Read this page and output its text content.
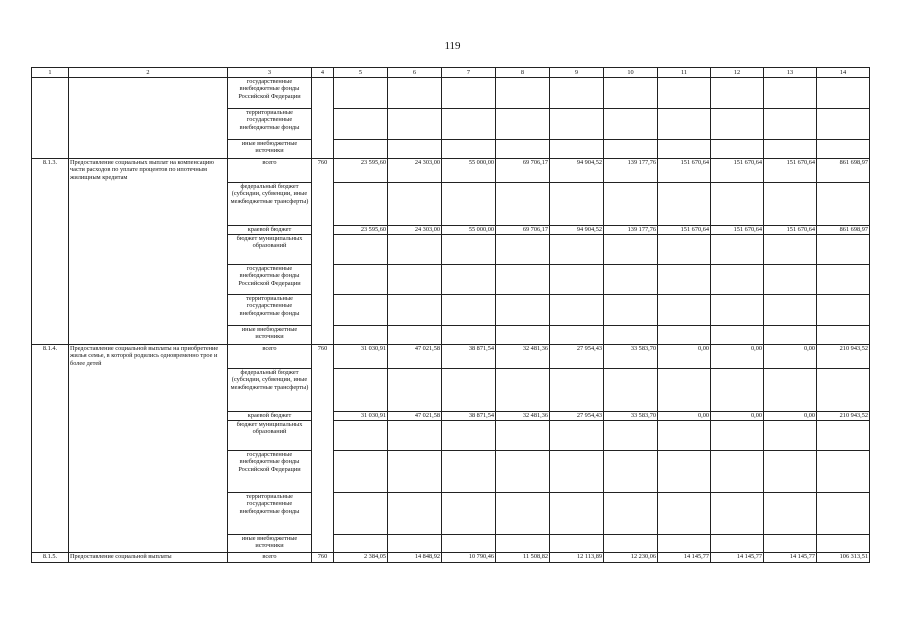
119
1	2	3	4	5	6	7	8	9	10	11	12	13	14
		государственные внебюджетные фонды Российской Федерации											
		территориальные государственные внебюджетные фонды											
		иные внебюджетные источники											
8.1.3.	Предоставление социальных выплат на компенсацию части расходов по уплате процентов по ипотечным жилищным кредитам	всего	760	23 595,60	24 303,00	55 000,00	69 706,17	94 904,52	139 177,76	151 670,64	151 670,64	151 670,64	861 698,97
		федеральный бюджет (субсидии, субвенции, иные межбюджетные трансферты)											
		краевой бюджет		23 595,60	24 303,00	55 000,00	69 706,17	94 904,52	139 177,76	151 670,64	151 670,64	151 670,64	861 698,97
		бюджет муниципальных образований											
		государственные внебюджетные фонды Российской Федерации											
		территориальные государственные внебюджетные фонды											
		иные внебюджетные источники											
8.1.4.	Предоставление социальной выплаты на приобретение жилья семье, в которой родились одновременно трое и более детей	всего	760	31 030,91	47 021,58	38 871,54	32 481,36	27 954,43	33 583,70	0,00	0,00	0,00	210 943,52
		федеральный бюджет (субсидии, субвенции, иные межбюджетные трансферты)											
		краевой бюджет		31 030,91	47 021,58	38 871,54	32 481,36	27 954,43	33 583,70	0,00	0,00	0,00	210 943,52
		бюджет муниципальных образований											
		государственные внебюджетные фонды Российской Федерации											
		территориальные государственные внебюджетные фонды											
		иные внебюджетные источники											
8.1.5.	Предоставление социальной выплаты	всего	760	2 384,05	14 848,92	10 790,46	11 508,82	12 113,89	12 230,06	14 145,77	14 145,77	14 145,77	106 313,51
